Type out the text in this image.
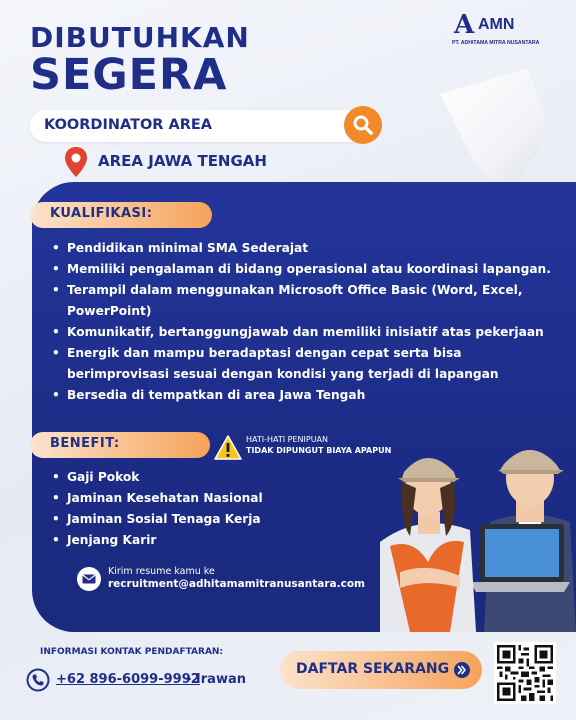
A AMN
PT. ADHITAMA MITRA NUSANTARA
DIBUTUHKAN
SEGERA
KOORDINATOR AREA
AREA JAWA TENGAH
KUALIFIKASI:
• Pendidikan minimal SMA Sederajat
• Memiliki pengalaman di bidang operasional atau koordinasi lapangan.
• Terampil dalam menggunakan Microsoft Office Basic (Word, Excel, PowerPoint)
• Komunikatif, bertanggungjawab dan memiliki inisiatif atas pekerjaan
• Energik dan mampu beradaptasi dengan cepat serta bisa berimprovisasi sesuai dengan kondisi yang terjadi di lapangan
• Bersedia di tempatkan di area Jawa Tengah
BENEFIT:
• Gaji Pokok
• Jaminan Kesehatan Nasional
• Jaminan Sosial Tenaga Kerja
• Jenjang Karir
HATI-HATI PENIPUAN
TIDAK DIPUNGUT BIAYA APAPUN
Kirim resume kamu ke
recruitment@adhitamamitranusantara.com
INFORMASI KONTAK PENDAFTARAN:
+62 896-6099-9992
- Irawan
DAFTAR SEKARANG
